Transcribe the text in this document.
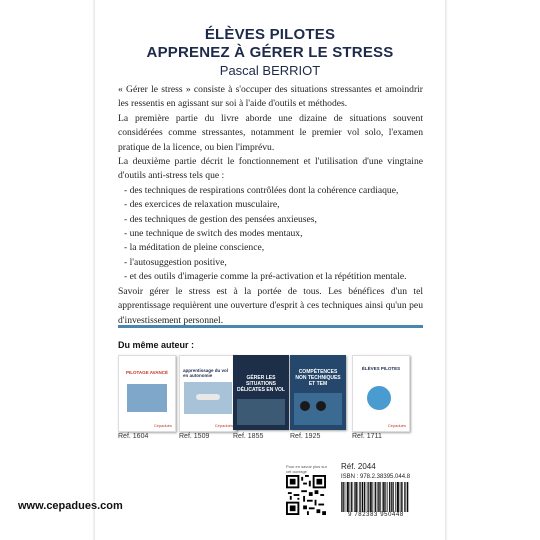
ÉLÈVES PILOTES
APPRENEZ À GÉRER LE STRESS
Pascal BERRIOT

« Gérer le stress » consiste à s'occuper des situations stressantes et amoindrir les ressentis en agissant sur soi à l'aide d'outils et méthodes.

La première partie du livre aborde une dizaine de situations souvent considérées comme stressantes, notamment le premier vol solo, l'examen pratique de la licence, ou bien l'imprévu.

La deuxième partie décrit le fonctionnement et l'utilisation d'une vingtaine d'outils anti-stress tels que :

- des techniques de respirations contrôlées dont la cohérence cardiaque,
- des exercices de relaxation musculaire,
- des techniques de gestion des pensées anxieuses,
- une technique de switch des modes mentaux,
- la méditation de pleine conscience,
- l'autosuggestion positive,
- et des outils d'imagerie comme la pré-activation et la répétition mentale.

Savoir gérer le stress est à la portée de tous. Les bénéfices d'un tel apprentissage requièrent une ouverture d'esprit à ces techniques ainsi qu'un peu d'investissement personnel.

Du même auteur :
PILOTAGE AVANCÉ
Cépaduès
Ref. 1604
apprentissage du vol en autonomie
Cépaduès
Ref. 1509
GÉRER LES SITUATIONS DÉLICATES EN VOL
Ref. 1855
COMPÉTENCES NON TECHNIQUES ET TEM
Ref. 1925
ÉLÈVES PILOTES
Cépaduès
Ref. 1711
Pour en savoir plus sur cet ouvrage
Réf. 2044
ISBN : 978.2.38395.044.8
9 782383 950448
www.cepadues.com
